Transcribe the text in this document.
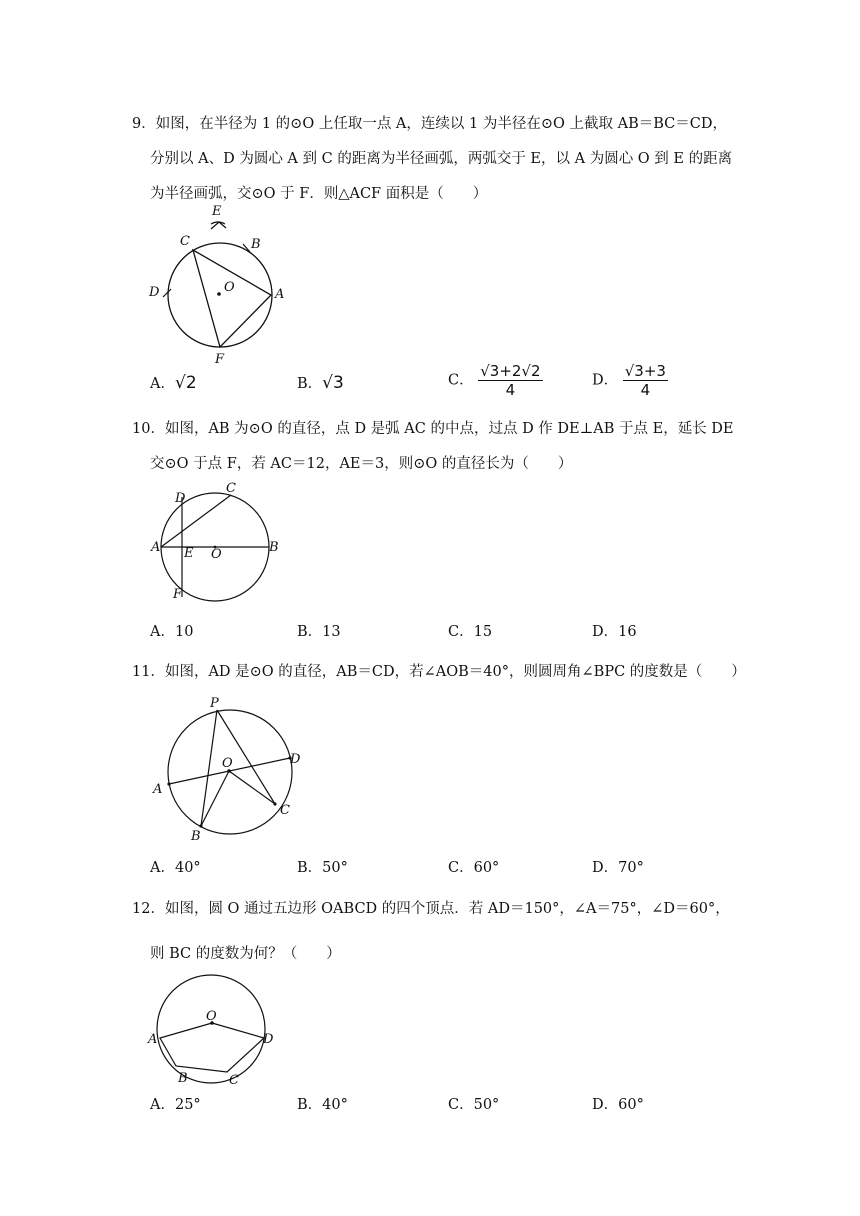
9．如图，在半径为 1 的⊙O 上任取一点 A，连续以 1 为半径在⊙O 上截取 AB＝BC＝CD，
分别以 A、D 为圆心 A 到 C 的距离为半径画弧，两弧交于 E，以 A 为圆心 O 到 E 的距离
为半径画弧，交⊙O 于 F．则△ACF 面积是（　　）
E
C	B
D	O	A
F
A．√2	B．√3	C． $\frac{√3+2√2}{4}$	D． $\frac{√3+3}{4}$
10．如图，AB 为⊙O 的直径，点 D 是弧 AC 的中点，过点 D 作 DE⊥AB 于点 E，延长 DE
交⊙O 于点 F，若 AC＝12，AE＝3，则⊙O 的直径长为（　　）
D
C
A E O	B
F
A．10	B．13	C．15	D．16
11．如图，AD 是⊙O 的直径，AB＝CD，若∠AOB＝40°，则圆周角∠BPC 的度数是（　　）
P
O	D
A
C
B
A．40°	B．50°	C．60°	D．70°
12．如图，圆 O 通过五边形 OABCD 的四个顶点．若 AD＝150°，∠A＝75°，∠D＝60°，
则 BC 的度数为何？（　　）
O
A	D
B	C
A．25°	B．40°	C．50°	D．60°
